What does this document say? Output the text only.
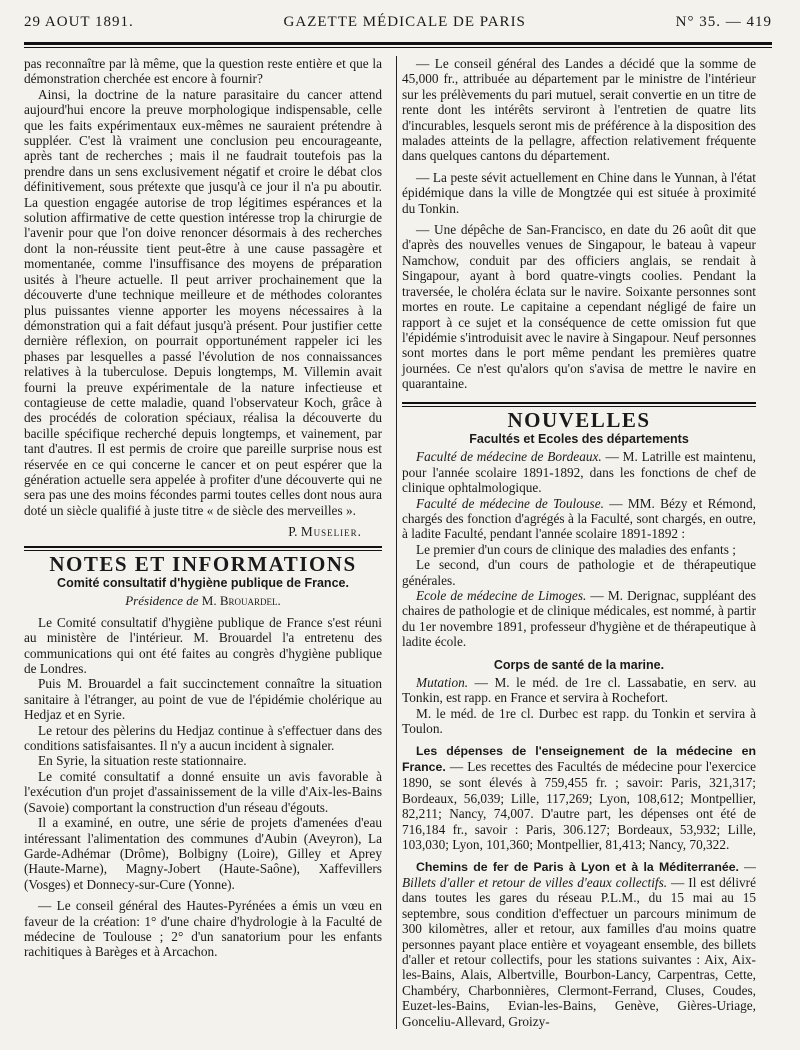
29 AOUT 1891.	GAZETTE MÉDICALE DE PARIS	N° 35. — 419

pas reconnaître par là même, que la question reste entière et que la démonstration cherchée est encore à fournir?

Ainsi, la doctrine de la nature parasitaire du cancer attend aujourd'hui encore la preuve morphologique indispensable, celle que les faits expérimentaux eux-mêmes ne sauraient prétendre à suppléer. C'est là vraiment une conclusion peu encourageante, après tant de recherches ; mais il ne faudrait toutefois pas la prendre dans un sens exclusivement négatif et croire le débat clos définitivement, sous prétexte que jusqu'à ce jour il n'a pu aboutir. La question engagée autorise de trop légitimes espérances et la solution affirmative de cette question intéresse trop la chirurgie de l'avenir pour que l'on doive renoncer désormais à des recherches dont la non-réussite tient peut-être à une cause passagère et momentanée, comme l'insuffisance des moyens de préparation usités à l'heure actuelle. Il peut arriver prochainement que la découverte d'une technique meilleure et de méthodes colorantes plus puissantes vienne apporter les moyens nécessaires à la démonstration qui a fait défaut jusqu'à présent. Pour justifier cette dernière réflexion, on pourrait opportunément rappeler ici les phases par lesquelles a passé l'évolution de nos connaissances relatives à la tuberculose. Depuis longtemps, M. Villemin avait fourni la preuve expérimentale de la nature infectieuse et contagieuse de cette maladie, quand l'observateur Koch, grâce à des procédés de coloration spéciaux, réalisa la découverte du bacille spécifique recherché depuis longtemps, et vainement, par tant d'autres. Il est permis de croire que pareille surprise nous est réservée en ce qui concerne le cancer et on peut espérer que la génération actuelle sera appelée à profiter d'une découverte qui ne sera pas une des moins fécondes parmi toutes celles dont nous aura doté un siècle qualifié à juste titre « de siècle des merveilles ».

P. Muselier.
NOTES ET INFORMATIONS
Comité consultatif d'hygiène publique de France.
Présidence de M. Brouardel.

Le Comité consultatif d'hygiène publique de France s'est réuni au ministère de l'intérieur. M. Brouardel l'a entretenu des communications qui ont été faites au congrès d'hygiène publique de Londres.

Puis M. Brouardel a fait succinctement connaître la situation sanitaire à l'étranger, au point de vue de l'épidémie cholérique au Hedjaz et en Syrie.

Le retour des pèlerins du Hedjaz continue à s'effectuer dans des conditions satisfaisantes. Il n'y a aucun incident à signaler.

En Syrie, la situation reste stationnaire.

Le comité consultatif a donné ensuite un avis favorable à l'exécution d'un projet d'assainissement de la ville d'Aix-les-Bains (Savoie) comportant la construction d'un réseau d'égouts.

Il a examiné, en outre, une série de projets d'amenées d'eau intéressant l'alimentation des communes d'Aubin (Aveyron), La Garde-Adhémar (Drôme), Bolbigny (Loire), Gilley et Aprey (Haute-Marne), Magny-Jobert (Haute-Saône), Xaffevillers (Vosges) et Donnecy-sur-Cure (Yonne).

— Le conseil général des Hautes-Pyrénées a émis un vœu en faveur de la création: 1° d'une chaire d'hydrologie à la Faculté de médecine de Toulouse ; 2° d'un sanatorium pour les enfants rachitiques à Barèges et à Arcachon.

— Le conseil général des Landes a décidé que la somme de 45,000 fr., attribuée au département par le ministre de l'intérieur sur les prélèvements du pari mutuel, serait convertie en un titre de rente dont les intérêts serviront à l'entretien de quatre lits d'incurables, lesquels seront mis de préférence à la disposition des malades atteints de la pellagre, affection relativement fréquente dans quelques cantons du département.

— La peste sévit actuellement en Chine dans le Yunnan, à l'état épidémique dans la ville de Mongtzée qui est située à proximité du Tonkin.

— Une dépêche de San-Francisco, en date du 26 août dit que d'après des nouvelles venues de Singapour, le bateau à vapeur Namchow, conduit par des officiers anglais, se rendait à Singapour, ayant à bord quatre-vingts coolies. Pendant la traversée, le choléra éclata sur le navire. Soixante personnes sont mortes en route. Le capitaine a cependant négligé de faire un rapport à ce sujet et la conséquence de cette omission fut que l'épidémie s'introduisit avec le navire à Singapour. Neuf personnes sont mortes dans le port même pendant les premières quatre journées. Ce n'est qu'alors qu'on s'avisa de mettre le navire en quarantaine.

NOUVELLES
Facultés et Ecoles des départements

Faculté de médecine de Bordeaux. — M. Latrille est maintenu, pour l'année scolaire 1891-1892, dans les fonctions de chef de clinique ophtalmologique.

Faculté de médecine de Toulouse. — MM. Bézy et Rémond, chargés des fonction d'agrégés à la Faculté, sont chargés, en outre, à ladite Faculté, pendant l'année scolaire 1891-1892 :

Le premier d'un cours de clinique des maladies des enfants ;

Le second, d'un cours de pathologie et de thérapeutique générales.

Ecole de médecine de Limoges. — M. Derignac, suppléant des chaires de pathologie et de clinique médicales, est nommé, à partir du 1er novembre 1891, professeur d'hygiène et de thérapeutique à ladite école.

Corps de santé de la marine.

Mutation. — M. le méd. de 1re cl. Lassabatie, en serv. au Tonkin, est rapp. en France et servira à Rochefort.

M. le méd. de 1re cl. Durbec est rapp. du Tonkin et servira à Toulon.

Les dépenses de l'enseignement de la médecine en France. — Les recettes des Facultés de médecine pour l'exercice 1890, se sont élevés à 759,455 fr. ; savoir: Paris, 321,317; Bordeaux, 56,039; Lille, 117,269; Lyon, 108,612; Montpellier, 82,211; Nancy, 74,007. D'autre part, les dépenses ont été de 716,184 fr., savoir : Paris, 306.127; Bordeaux, 53,932; Lille, 103,030; Lyon, 101,360; Montpellier, 81,413; Nancy, 70,322.

Chemins de fer de Paris à Lyon et à la Méditerranée. — Billets d'aller et retour de villes d'eaux collectifs. — Il est délivré dans toutes les gares du réseau P.L.M., du 15 mai au 15 septembre, sous condition d'effectuer un parcours minimum de 300 kilomètres, aller et retour, aux familles d'au moins quatre personnes payant place entière et voyageant ensemble, des billets d'aller et retour collectifs, pour les stations suivantes : Aix, Aix-les-Bains, Alais, Albertville, Bourbon-Lancy, Carpentras, Cette, Chambéry, Charbonnières, Clermont-Ferrand, Cluses, Coudes, Euzet-les-Bains, Evian-les-Bains, Genève, Gières-Uriage, Gonceliu-Allevard, Groizy-
